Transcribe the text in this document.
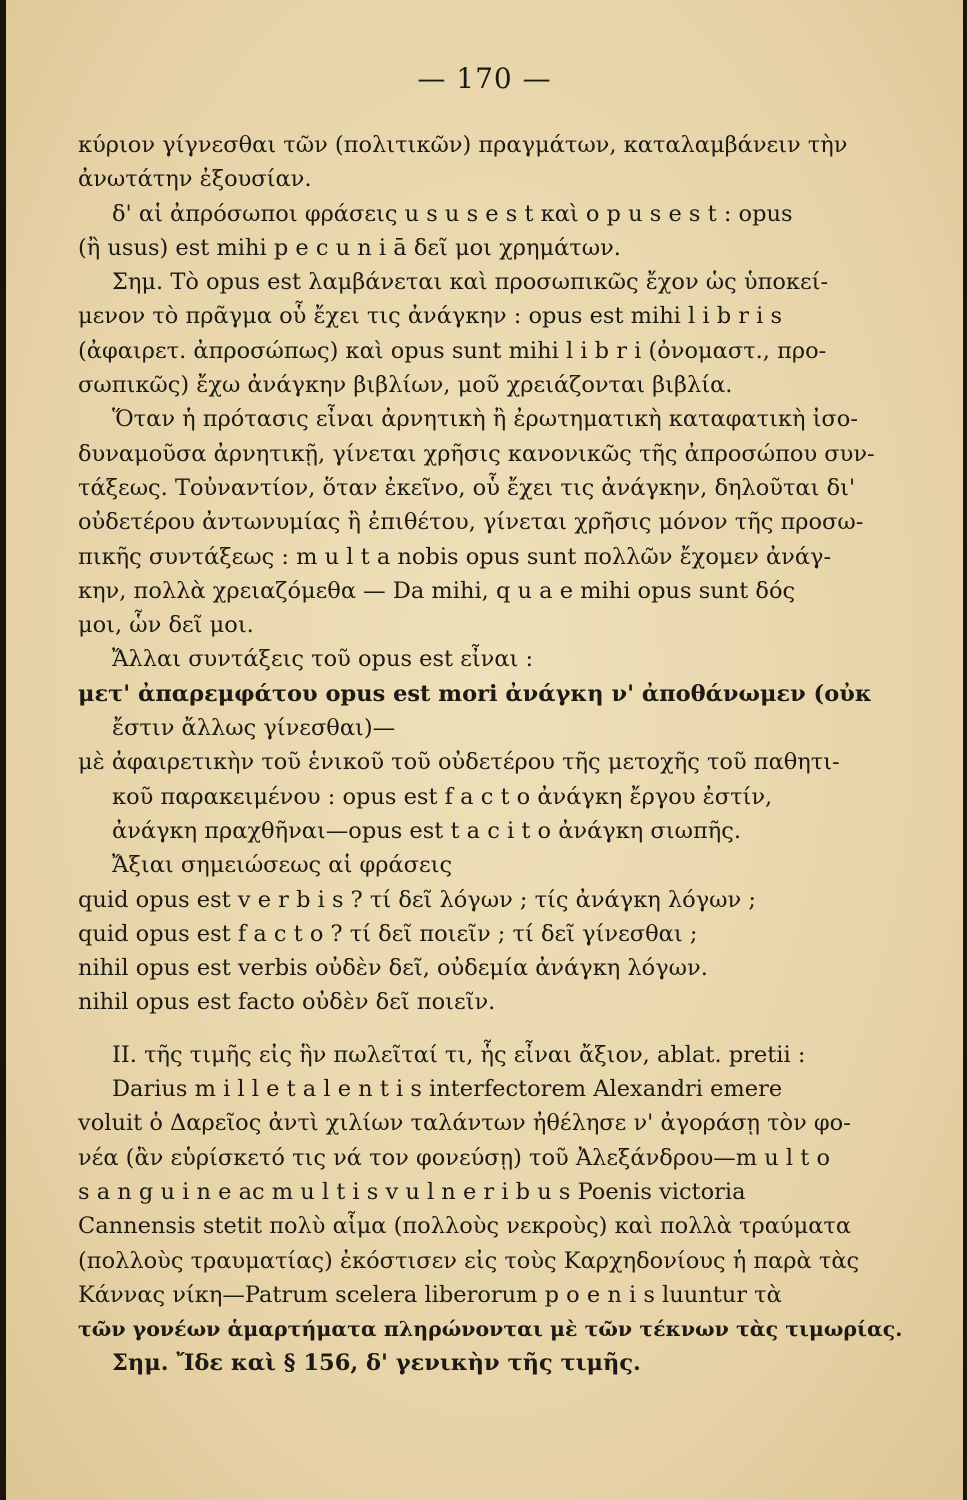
— 170 —
κύριον γίγνεσθαι τῶν (πολιτικῶν) πραγμάτων, καταλαμβάνειν τὴν
ἀνωτάτην ἐξουσίαν.
δ' αἱ ἀπρόσωποι φράσεις u s u s e s t καὶ o p u s e s t : opus
(ἢ usus) est mihi p e c u n i ā δεῖ μοι χρημάτων.
Σημ. Τὸ opus est λαμβάνεται καὶ προσωπικῶς ἔχον ὡς ὑποκεί-
μενον τὸ πρᾶγμα οὗ ἔχει τις ἀνάγκην : opus est mihi l i b r i s
(ἀφαιρετ. ἀπροσώπως) καὶ opus sunt mihi l i b r i (ὀνομαστ., προ-
σωπικῶς) ἔχω ἀνάγκην βιβλίων, μοῦ χρειάζονται βιβλία.
Ὅταν ἡ πρότασις εἶναι ἀρνητικὴ ἢ ἐρωτηματικὴ καταφατικὴ ἰσο-
δυναμοῦσα ἀρνητικῇ, γίνεται χρῆσις κανονικῶς τῆς ἀπροσώπου συν-
τάξεως. Τοὐναντίον, ὅταν ἐκεῖνο, οὗ ἔχει τις ἀνάγκην, δηλοῦται δι'
οὐδετέρου ἀντωνυμίας ἢ ἐπιθέτου, γίνεται χρῆσις μόνον τῆς προσω-
πικῆς συντάξεως : m u l t a nobis opus sunt πολλῶν ἔχομεν ἀνάγ-
κην, πολλὰ χρειαζόμεθα — Da mihi, q u a e mihi opus sunt δός
μοι, ὧν δεῖ μοι.
Ἄλλαι συντάξεις τοῦ opus est εἶναι :
μετ' ἀπαρεμφάτου opus est mori ἀνάγκη ν' ἀποθάνωμεν (οὐκ
ἔστιν ἄλλως γίνεσθαι)—
μὲ ἀφαιρετικὴν τοῦ ἑνικοῦ τοῦ οὐδετέρου τῆς μετοχῆς τοῦ παθητι-
κοῦ παρακειμένου : opus est f a c t o ἀνάγκη ἔργου ἐστίν,
ἀνάγκη πραχθῆναι—opus est t a c i t o ἀνάγκη σιωπῆς.
Ἄξιαι σημειώσεως αἱ φράσεις
quid opus est v e r b i s ? τί δεῖ λόγων ; τίς ἀνάγκη λόγων ;
quid opus est f a c t o ? τί δεῖ ποιεῖν ; τί δεῖ γίνεσθαι ;
nihil opus est verbis οὐδὲν δεῖ, οὐδεμία ἀνάγκη λόγων.
nihil opus est facto οὐδὲν δεῖ ποιεῖν.
II. τῆς τιμῆς εἰς ἣν πωλεῖταί τι, ἧς εἶναι ἄξιον, ablat. pretii :
Darius m i l l e t a l e n t i s interfectorem Alexandri emere
voluit ὁ Δαρεῖος ἀντὶ χιλίων ταλάντων ἠθέλησε ν' ἀγοράσῃ τὸν φο-
νέα (ἂν εὑρίσκετό τις νά τον φονεύσῃ) τοῦ Ἀλεξάνδρου—m u l t o
s a n g u i n e ac m u l t i s v u l n e r i b u s Poenis victoria
Cannensis stetit πολὺ αἷμα (πολλοὺς νεκροὺς) καὶ πολλὰ τραύματα
(πολλοὺς τραυματίας) ἐκόστισεν εἰς τοὺς Καρχηδονίους ἡ παρὰ τὰς
Κάννας νίκη—Patrum scelera liberorum p o e n i s luuntur τὰ
τῶν γονέων ἁμαρτήματα πληρώνονται μὲ τῶν τέκνων τὰς τιμωρίας.
Σημ. Ἴδε καὶ § 156, δ' γενικὴν τῆς τιμῆς.
